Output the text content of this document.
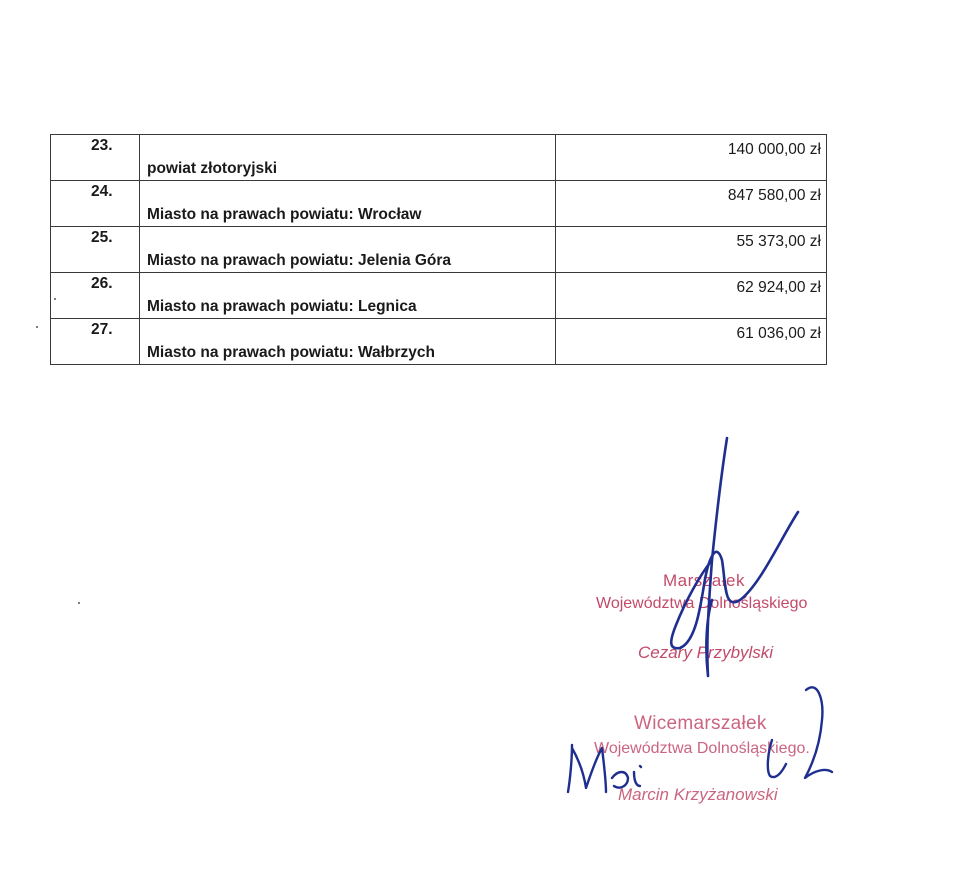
23.	powiat złotoryjski	140 000,00 zł

24.	Miasto na prawach powiatu: Wrocław	847 580,00 zł

25.	Miasto na prawach powiatu: Jelenia Góra	55 373,00 zł

26.	Miasto na prawach powiatu: Legnica	62 924,00 zł

27.	Miasto na prawach powiatu: Wałbrzych	61 036,00 zł
Marszałek
Województwa Dolnośląskiego
Cezary Przybylski
Wicemarszałek
Województwa Dolnośląskiego.
Marcin Krzyżanowski
